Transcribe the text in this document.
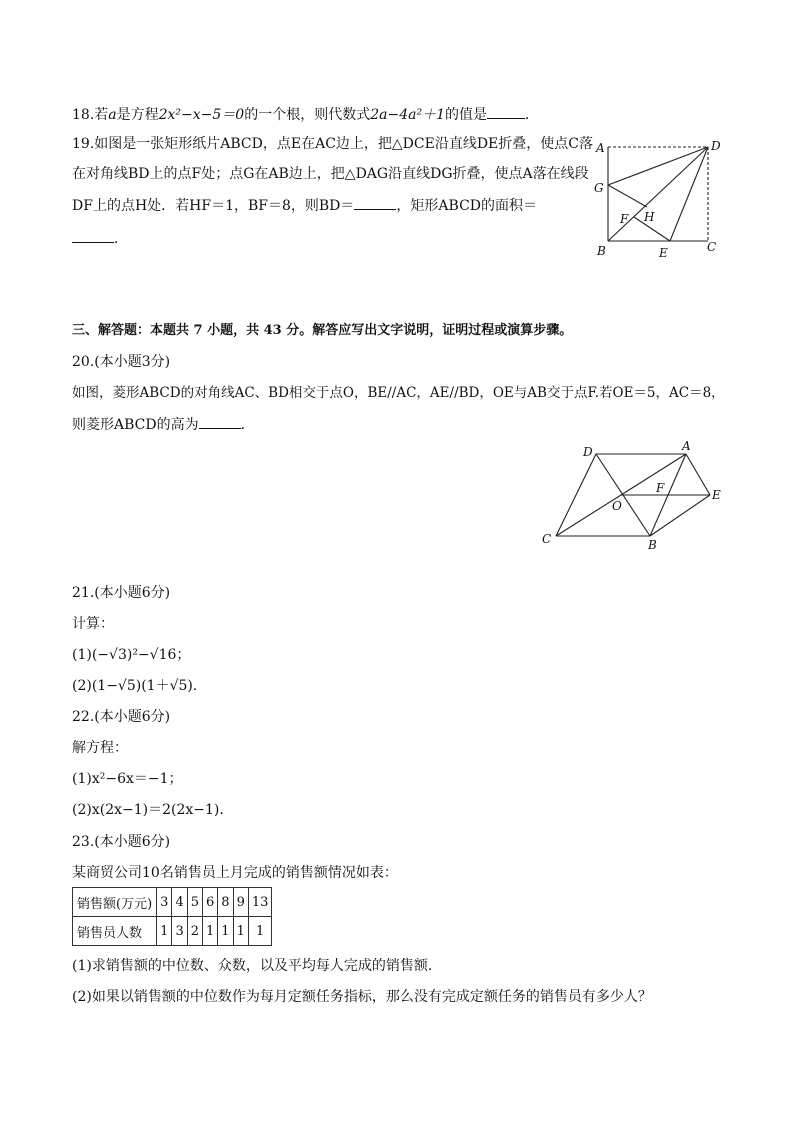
18.若a是方程2x²−x−5＝0的一个根，则代数式2a−4a²＋1的值是	．
19.如图是一张矩形纸片ABCD，点E在AC边上，把△DCE沿直线DE折叠，使点C落
在对角线BD上的点F处；点G在AB边上，把△DAG沿直线DG折叠，使点A落在线段
DF上的点H处．若HF＝1，BF＝8，则BD＝	，矩形ABCD的面积＝
．
A	D
G
F H
B	E	C
三、解答题：本题共 7 小题，共 43 分。解答应写出文字说明，证明过程或演算步骤。
20.(本小题3分)
如图，菱形ABCD的对角线AC、BD相交于点O，BE//AC，AE//BD，OE与AB交于点F.若OE＝5，AC＝8，
则菱形ABCD的高为	．
D	A
F	E
O
C	B
21.(本小题6分)
计算：
(1)(−√3)²−√16；
(2)(1−√5)(1＋√5)．
22.(本小题6分)
解方程：
(1)x²−6x＝−1；
(2)x(2x−1)＝2(2x−1)．
23.(本小题6分)
某商贸公司10名销售员上月完成的销售额情况如表：
销售额(万元)	3	4	5	6	8	9	13
销售员人数	1	3	2	1	1	1	1
(1)求销售额的中位数、众数，以及平均每人完成的销售额．
(2)如果以销售额的中位数作为每月定额任务指标，那么没有完成定额任务的销售员有多少人？
